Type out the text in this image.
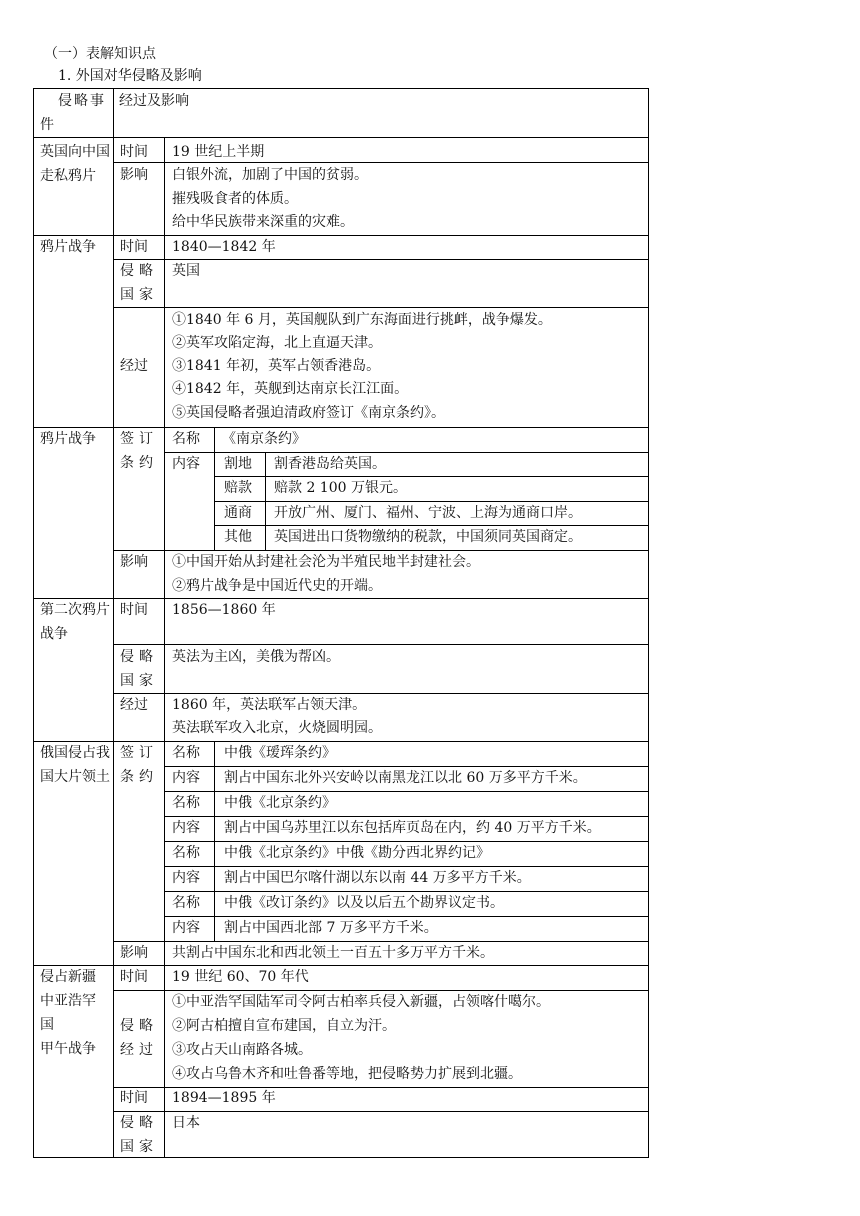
（一）表解知识点
1. 外国对华侵略及影响
侵略事件
经过及影响
英国向中国走私鸦片
时间 19 世纪上半期
影响 白银外流，加剧了中国的贫弱。
摧残吸食者的体质。
给中华民族带来深重的灾难。
鸦片战争 时间 1840—1842 年
侵略国家
英国
经过
①1840 年 6 月，英国舰队到广东海面进行挑衅，战争爆发。
②英军攻陷定海，北上直逼天津。
③1841 年初，英军占领香港岛。
④1842 年，英舰到达南京长江江面。
⑤英国侵略者强迫清政府签订《南京条约》。
鸦片战争 签订条约
名称 《南京条约》
内容 割地 割香港岛给英国。
赔款 赔款 2 100 万银元。
通商 开放广州、厦门、福州、宁波、上海为通商口岸。
其他 英国进出口货物缴纳的税款，中国须同英国商定。
影响 ①中国开始从封建社会沦为半殖民地半封建社会。
②鸦片战争是中国近代史的开端。
第二次鸦片战争
时间 1856—1860 年
侵略国家
英法为主凶，美俄为帮凶。
经过 1860 年，英法联军占领天津。
英法联军攻入北京，火烧圆明园。
俄国侵占我国大片领土
签订条约
名称 中俄《瑷珲条约》
内容 割占中国东北外兴安岭以南黑龙江以北 60 万多平方千米。
名称 中俄《北京条约》
内容 割占中国乌苏里江以东包括库页岛在内，约 40 万平方千米。
名称 中俄《北京条约》中俄《勘分西北界约记》
内容 割占中国巴尔喀什湖以东以南 44 万多平方千米。
名称 中俄《改订条约》以及以后五个勘界议定书。
内容 割占中国西北部 7 万多平方千米。
影响 共割占中国东北和西北领土一百五十多万平方千米。
侵占新疆
中亚浩罕
国
甲午战争
时间 19 世纪 60、70 年代
侵略经过
①中亚浩罕国陆军司令阿古柏率兵侵入新疆，占领喀什噶尔。
②阿古柏擅自宣布建国，自立为汗。
③攻占天山南路各城。
④攻占乌鲁木齐和吐鲁番等地，把侵略势力扩展到北疆。
时间 1894—1895 年
侵略国家
日本
